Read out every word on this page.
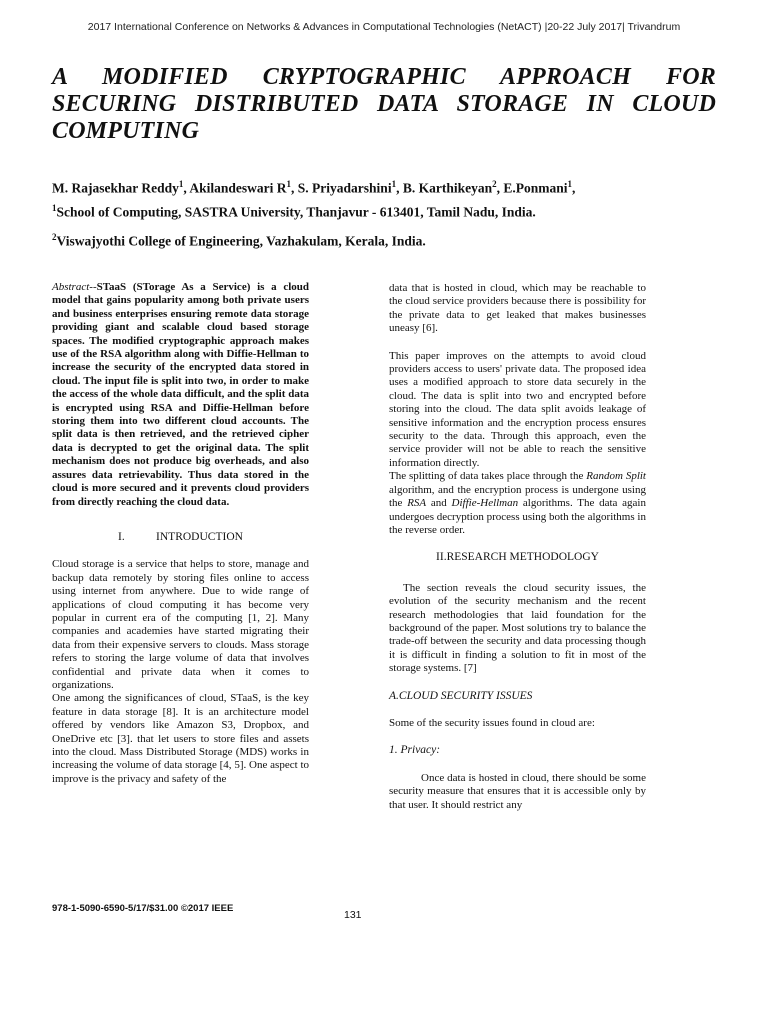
2017 International Conference on Networks & Advances in Computational Technologies (NetACT) |20-22 July 2017| Trivandrum
A MODIFIED CRYPTOGRAPHIC APPROACH FOR
SECURING DISTRIBUTED DATA STORAGE IN CLOUD
COMPUTING
M. Rajasekhar Reddy$^1$, Akilandeswari $R^1$, S. Priyadarshini$^1$, B. Karthikeyan$^2$, E.Ponmani$^1$,
$^1$School of Computing, SASTRA University, Thanjavur - 613401, Tamil Nadu, India.
$^2$Viswajyothi College of Engineering, Vazhakulam, Kerala, India.

Abstract--STaaS (STorage As a Service) is a cloud model that gains popularity among both private users and business enterprises ensuring remote data storage providing giant and scalable cloud based storage spaces. The modified cryptographic approach makes use of the RSA algorithm along with Diffie-Hellman to increase the security of the encrypted data stored in cloud. The input file is split into two, in order to make the access of the whole data difficult, and the split data is encrypted using RSA and Diffie-Hellman before storing them into two different cloud accounts. The split data is then retrieved, and the retrieved cipher data is decrypted to get the original data. The split mechanism does not produce big overheads, and also assures data retrievability. Thus data stored in the cloud is more secured and it prevents cloud providers from directly reaching the cloud data.

I.	INTRODUCTION

Cloud storage is a service that helps to store, manage and backup data remotely by storing files online to access using internet from anywhere. Due to wide range of applications of cloud computing it has become very popular in current era of the computing [1, 2]. Many companies and academies have started migrating their data from their expensive servers to clouds. Mass storage refers to storing the large volume of data that involves confidential and private data when it comes to organizations.

One among the significances of cloud, STaaS, is the key feature in data storage [8]. It is an architecture model offered by vendors like Amazon S3, Dropbox, and OneDrive etc [3]. that let users to store files and assets into the cloud. Mass Distributed Storage (MDS) works in increasing the volume of data storage [4, 5]. One aspect to improve is the privacy and safety of the

data that is hosted in cloud, which may be reachable to the cloud service providers because there is possibility for the private data to get leaked that makes businesses uneasy [6].

This paper improves on the attempts to avoid cloud providers access to users' private data. The proposed idea uses a modified approach to store data securely in the cloud. The data is split into two and encrypted before storing into the cloud. The data split avoids leakage of sensitive information and the encryption process ensures security to the data. Through this approach, even the service provider will not be able to reach the sensitive information directly.

The splitting of data takes place through the Random Split algorithm, and the encryption process is undergone using the RSA and Diffie-Hellman algorithms. The data again undergoes decryption process using both the algorithms in the reverse order.

II.RESEARCH METHODOLOGY

The section reveals the cloud security issues, the evolution of the security mechanism and the recent research methodologies that laid foundation for the background of the paper. Most solutions try to balance the trade-off between the security and data processing though it is difficult in finding a solution to fit in most of the storage systems. [7]

A.CLOUD SECURITY ISSUES

Some of the security issues found in cloud are:

1. Privacy:

Once data is hosted in cloud, there should be some security measure that ensures that it is accessible only by that user. It should restrict any

978-1-5090-6590-5/17/$31.00 ©2017 IEEE
131
